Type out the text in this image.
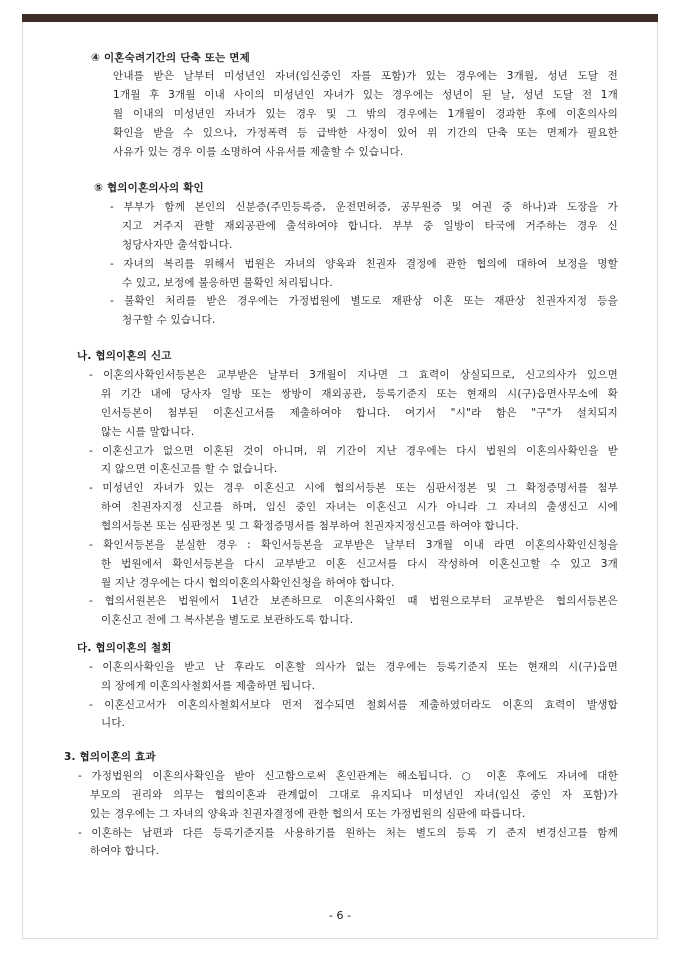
④ 이혼숙려기간의 단축 또는 면제
안내를 받은 날부터 미성년인 자녀(임신중인 자를 포함)가 있는 경우에는 3개월, 성년 도달 전
1개월 후 3개월 이내 사이의 미성년인 자녀가 있는 경우에는 성년이 된 날, 성년 도달 전 1개
월 이내의 미성년인 자녀가 있는 경우 및 그 밖의 경우에는 1개월이 경과한 후에 이혼의사의
확인을 받을 수 있으나, 가정폭력 등 급박한 사정이 있어 위 기간의 단축 또는 면제가 필요한
사유가 있는 경우 이를 소명하여 사유서를 제출할 수 있습니다.
⑤ 협의이혼의사의 확인
- 부부가 함께 본인의 신분증(주민등록증, 운전면허증, 공무원증 및 여권 중 하나)과 도장을 가
지고 거주지 관할 재외공관에 출석하여야 합니다. 부부 중 일방이 타국에 거주하는 경우 신
청당사자만 출석합니다.
- 자녀의 복리를 위해서 법원은 자녀의 양육과 친권자 결정에 관한 협의에 대하여 보정을 명할
수 있고, 보정에 불응하면 불확인 처리됩니다.
- 불확인 처리를 받은 경우에는 가정법원에 별도로 재판상 이혼 또는 재판상 친권자지정 등을
청구할 수 있습니다.
나. 협의이혼의 신고
- 이혼의사확인서등본은 교부받은 날부터 3개월이 지나면 그 효력이 상실되므로, 신고의사가 있으면
위 기간 내에 당사자 일방 또는 쌍방이 재외공관, 등록기준지 또는 현재의 시(구)읍면사무소에 확
인서등본이 첨부된 이혼신고서를 제출하여야 합니다. 여기서 "시"라 함은 "구"가 설치되지
않는 시를 말합니다.
- 이혼신고가 없으면 이혼된 것이 아니며, 위 기간이 지난 경우에는 다시 법원의 이혼의사확인을 받
지 않으면 이혼신고를 할 수 없습니다.
- 미성년인 자녀가 있는 경우 이혼신고 시에 협의서등본 또는 심판서정본 및 그 확정증명서를 첨부
하여 친권자지정 신고를 하며, 임신 중인 자녀는 이혼신고 시가 아니라 그 자녀의 출생신고 시에
협의서등본 또는 심판정본 및 그 확정증명서를 첨부하여 친권자지정신고를 하여야 합니다.
- 확인서등본을 분실한 경우 : 확인서등본을 교부받은 날부터 3개월 이내 라면 이혼의사확인신청을
한 법원에서 확인서등본을 다시 교부받고 이혼 신고서를 다시 작성하여 이혼신고할 수 있고 3개
월 지난 경우에는 다시 협의이혼의사확인신청을 하여야 합니다.
- 협의서원본은 법원에서 1년간 보존하므로 이혼의사확인 때 법원으로부터 교부받은 협의서등본은
이혼신고 전에 그 복사본을 별도로 보관하도록 합니다.
다. 협의이혼의 철회
- 이혼의사확인을 받고 난 후라도 이혼할 의사가 없는 경우에는 등록기준지 또는 현재의 시(구)읍면
의 장에게 이혼의사철회서를 제출하면 됩니다.
- 이혼신고서가 이혼의사철회서보다 먼저 접수되면 철회서를 제출하였더라도 이혼의 효력이 발생합
니다.
3. 협의이혼의 효과
- 가정법원의 이혼의사확인을 받아 신고함으로써 혼인관계는 해소됩니다. ○ 이혼 후에도 자녀에 대한
부모의 권리와 의무는 협의이혼과 관계없이 그대로 유지되나 미성년인 자녀(임신 중인 자 포함)가
있는 경우에는 그 자녀의 양육과 친권자결정에 관한 협의서 또는 가정법원의 심판에 따릅니다.
- 이혼하는 남편과 다른 등록기준지를 사용하기를 원하는 처는 별도의 등록 기 준지 변경신고를 함께
하여야 합니다.
- 6 -
